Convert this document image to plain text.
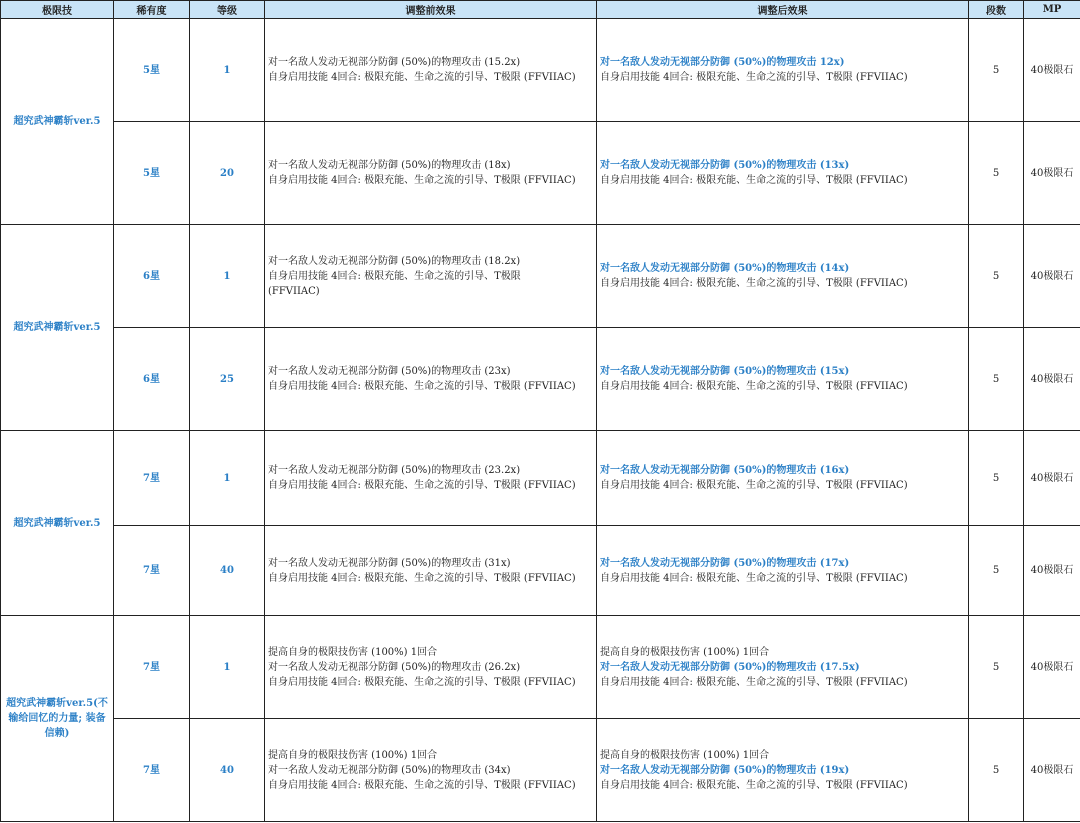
极限技	稀有度	等级	调整前效果	调整后效果	段数	MP
超究武神霸斩ver.5	5星	1	对一名敌人发动无视部分防御 (50%)的物理攻击 (15.2x)
自身启用技能 4回合: 极限充能、生命之流的引导、T极限 (FFVIIAC)	对一名敌人发动无视部分防御 (50%)的物理攻击 12x)
自身启用技能 4回合: 极限充能、生命之流的引导、T极限 (FFVIIAC)	5	40极限石
	5星	20	对一名敌人发动无视部分防御 (50%)的物理攻击 (18x)
自身启用技能 4回合: 极限充能、生命之流的引导、T极限 (FFVIIAC)	对一名敌人发动无视部分防御 (50%)的物理攻击 (13x)
自身启用技能 4回合: 极限充能、生命之流的引导、T极限 (FFVIIAC)	5	40极限石
超究武神霸斩ver.5	6星	1	对一名敌人发动无视部分防御 (50%)的物理攻击 (18.2x)
自身启用技能 4回合: 极限充能、生命之流的引导、T极限
(FFVIIAC)	对一名敌人发动无视部分防御 (50%)的物理攻击 (14x)
自身启用技能 4回合: 极限充能、生命之流的引导、T极限 (FFVIIAC)	5	40极限石
	6星	25	对一名敌人发动无视部分防御 (50%)的物理攻击 (23x)
自身启用技能 4回合: 极限充能、生命之流的引导、T极限 (FFVIIAC)	对一名敌人发动无视部分防御 (50%)的物理攻击 (15x)
自身启用技能 4回合: 极限充能、生命之流的引导、T极限 (FFVIIAC)	5	40极限石
超究武神霸斩ver.5	7星	1	对一名敌人发动无视部分防御 (50%)的物理攻击 (23.2x)
自身启用技能 4回合: 极限充能、生命之流的引导、T极限 (FFVIIAC)	对一名敌人发动无视部分防御 (50%)的物理攻击 (16x)
自身启用技能 4回合: 极限充能、生命之流的引导、T极限 (FFVIIAC)	5	40极限石
	7星	40	对一名敌人发动无视部分防御 (50%)的物理攻击 (31x)
自身启用技能 4回合: 极限充能、生命之流的引导、T极限 (FFVIIAC)	对一名敌人发动无视部分防御 (50%)的物理攻击 (17x)
自身启用技能 4回合: 极限充能、生命之流的引导、T极限 (FFVIIAC)	5	40极限石

超究武神霸斩ver.5(不输给回忆的力量; 装备信赖)	7星	1	提高自身的极限技伤害 (100%) 1回合
对一名敌人发动无视部分防御 (50%)的物理攻击 (26.2x)
自身启用技能 4回合: 极限充能、生命之流的引导、T极限 (FFVIIAC)	提高自身的极限技伤害 (100%) 1回合
对一名敌人发动无视部分防御 (50%)的物理攻击 (17.5x)
自身启用技能 4回合: 极限充能、生命之流的引导、T极限 (FFVIIAC)	5	40极限石
	7星	40	提高自身的极限技伤害 (100%) 1回合
对一名敌人发动无视部分防御 (50%)的物理攻击 (34x)
自身启用技能 4回合: 极限充能、生命之流的引导、T极限 (FFVIIAC)	提高自身的极限技伤害 (100%) 1回合
对一名敌人发动无视部分防御 (50%)的物理攻击 (19x)
自身启用技能 4回合: 极限充能、生命之流的引导、T极限 (FFVIIAC)	5	40极限石
